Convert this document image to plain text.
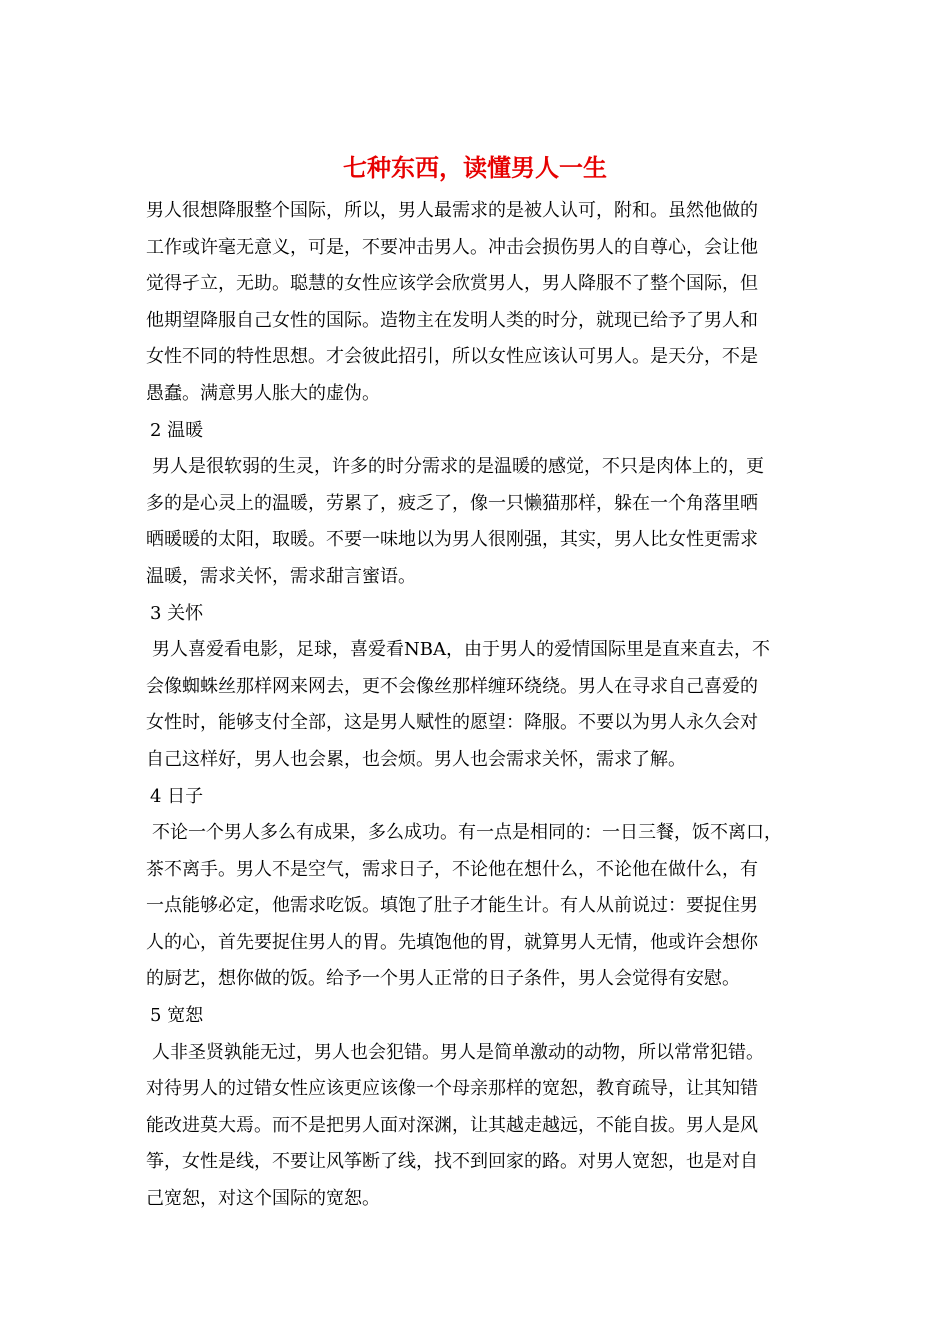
七种东西，读懂男人一生
男人很想降服整个国际，所以，男人最需求的是被人认可，附和。虽然他做的
工作或许毫无意义，可是，不要冲击男人。冲击会损伤男人的自尊心，会让他
觉得孑立，无助。聪慧的女性应该学会欣赏男人，男人降服不了整个国际，但
他期望降服自己女性的国际。造物主在发明人类的时分，就现已给予了男人和
女性不同的特性思想。才会彼此招引，所以女性应该认可男人。是天分，不是
愚蠢。满意男人胀大的虚伪。
2 温暖
男人是很软弱的生灵，许多的时分需求的是温暖的感觉，不只是肉体上的，更
多的是心灵上的温暖，劳累了，疲乏了，像一只懒猫那样，躲在一个角落里晒
晒暖暖的太阳，取暖。不要一味地以为男人很刚强，其实，男人比女性更需求
温暖，需求关怀，需求甜言蜜语。
3 关怀
男人喜爱看电影，足球，喜爱看NBA，由于男人的爱情国际里是直来直去，不
会像蜘蛛丝那样网来网去，更不会像丝那样缠环绕绕。男人在寻求自己喜爱的
女性时，能够支付全部，这是男人赋性的愿望：降服。不要以为男人永久会对
自己这样好，男人也会累，也会烦。男人也会需求关怀，需求了解。
4 日子
不论一个男人多么有成果，多么成功。有一点是相同的：一日三餐，饭不离口，
茶不离手。男人不是空气，需求日子，不论他在想什么，不论他在做什么，有
一点能够必定，他需求吃饭。填饱了肚子才能生计。有人从前说过：要捉住男
人的心，首先要捉住男人的胃。先填饱他的胃，就算男人无情，他或许会想你
的厨艺，想你做的饭。给予一个男人正常的日子条件，男人会觉得有安慰。
5 宽恕
人非圣贤孰能无过，男人也会犯错。男人是简单激动的动物，所以常常犯错。
对待男人的过错女性应该更应该像一个母亲那样的宽恕，教育疏导，让其知错
能改进莫大焉。而不是把男人面对深渊，让其越走越远，不能自拔。男人是风
筝，女性是线，不要让风筝断了线，找不到回家的路。对男人宽恕，也是对自
己宽恕，对这个国际的宽恕。
